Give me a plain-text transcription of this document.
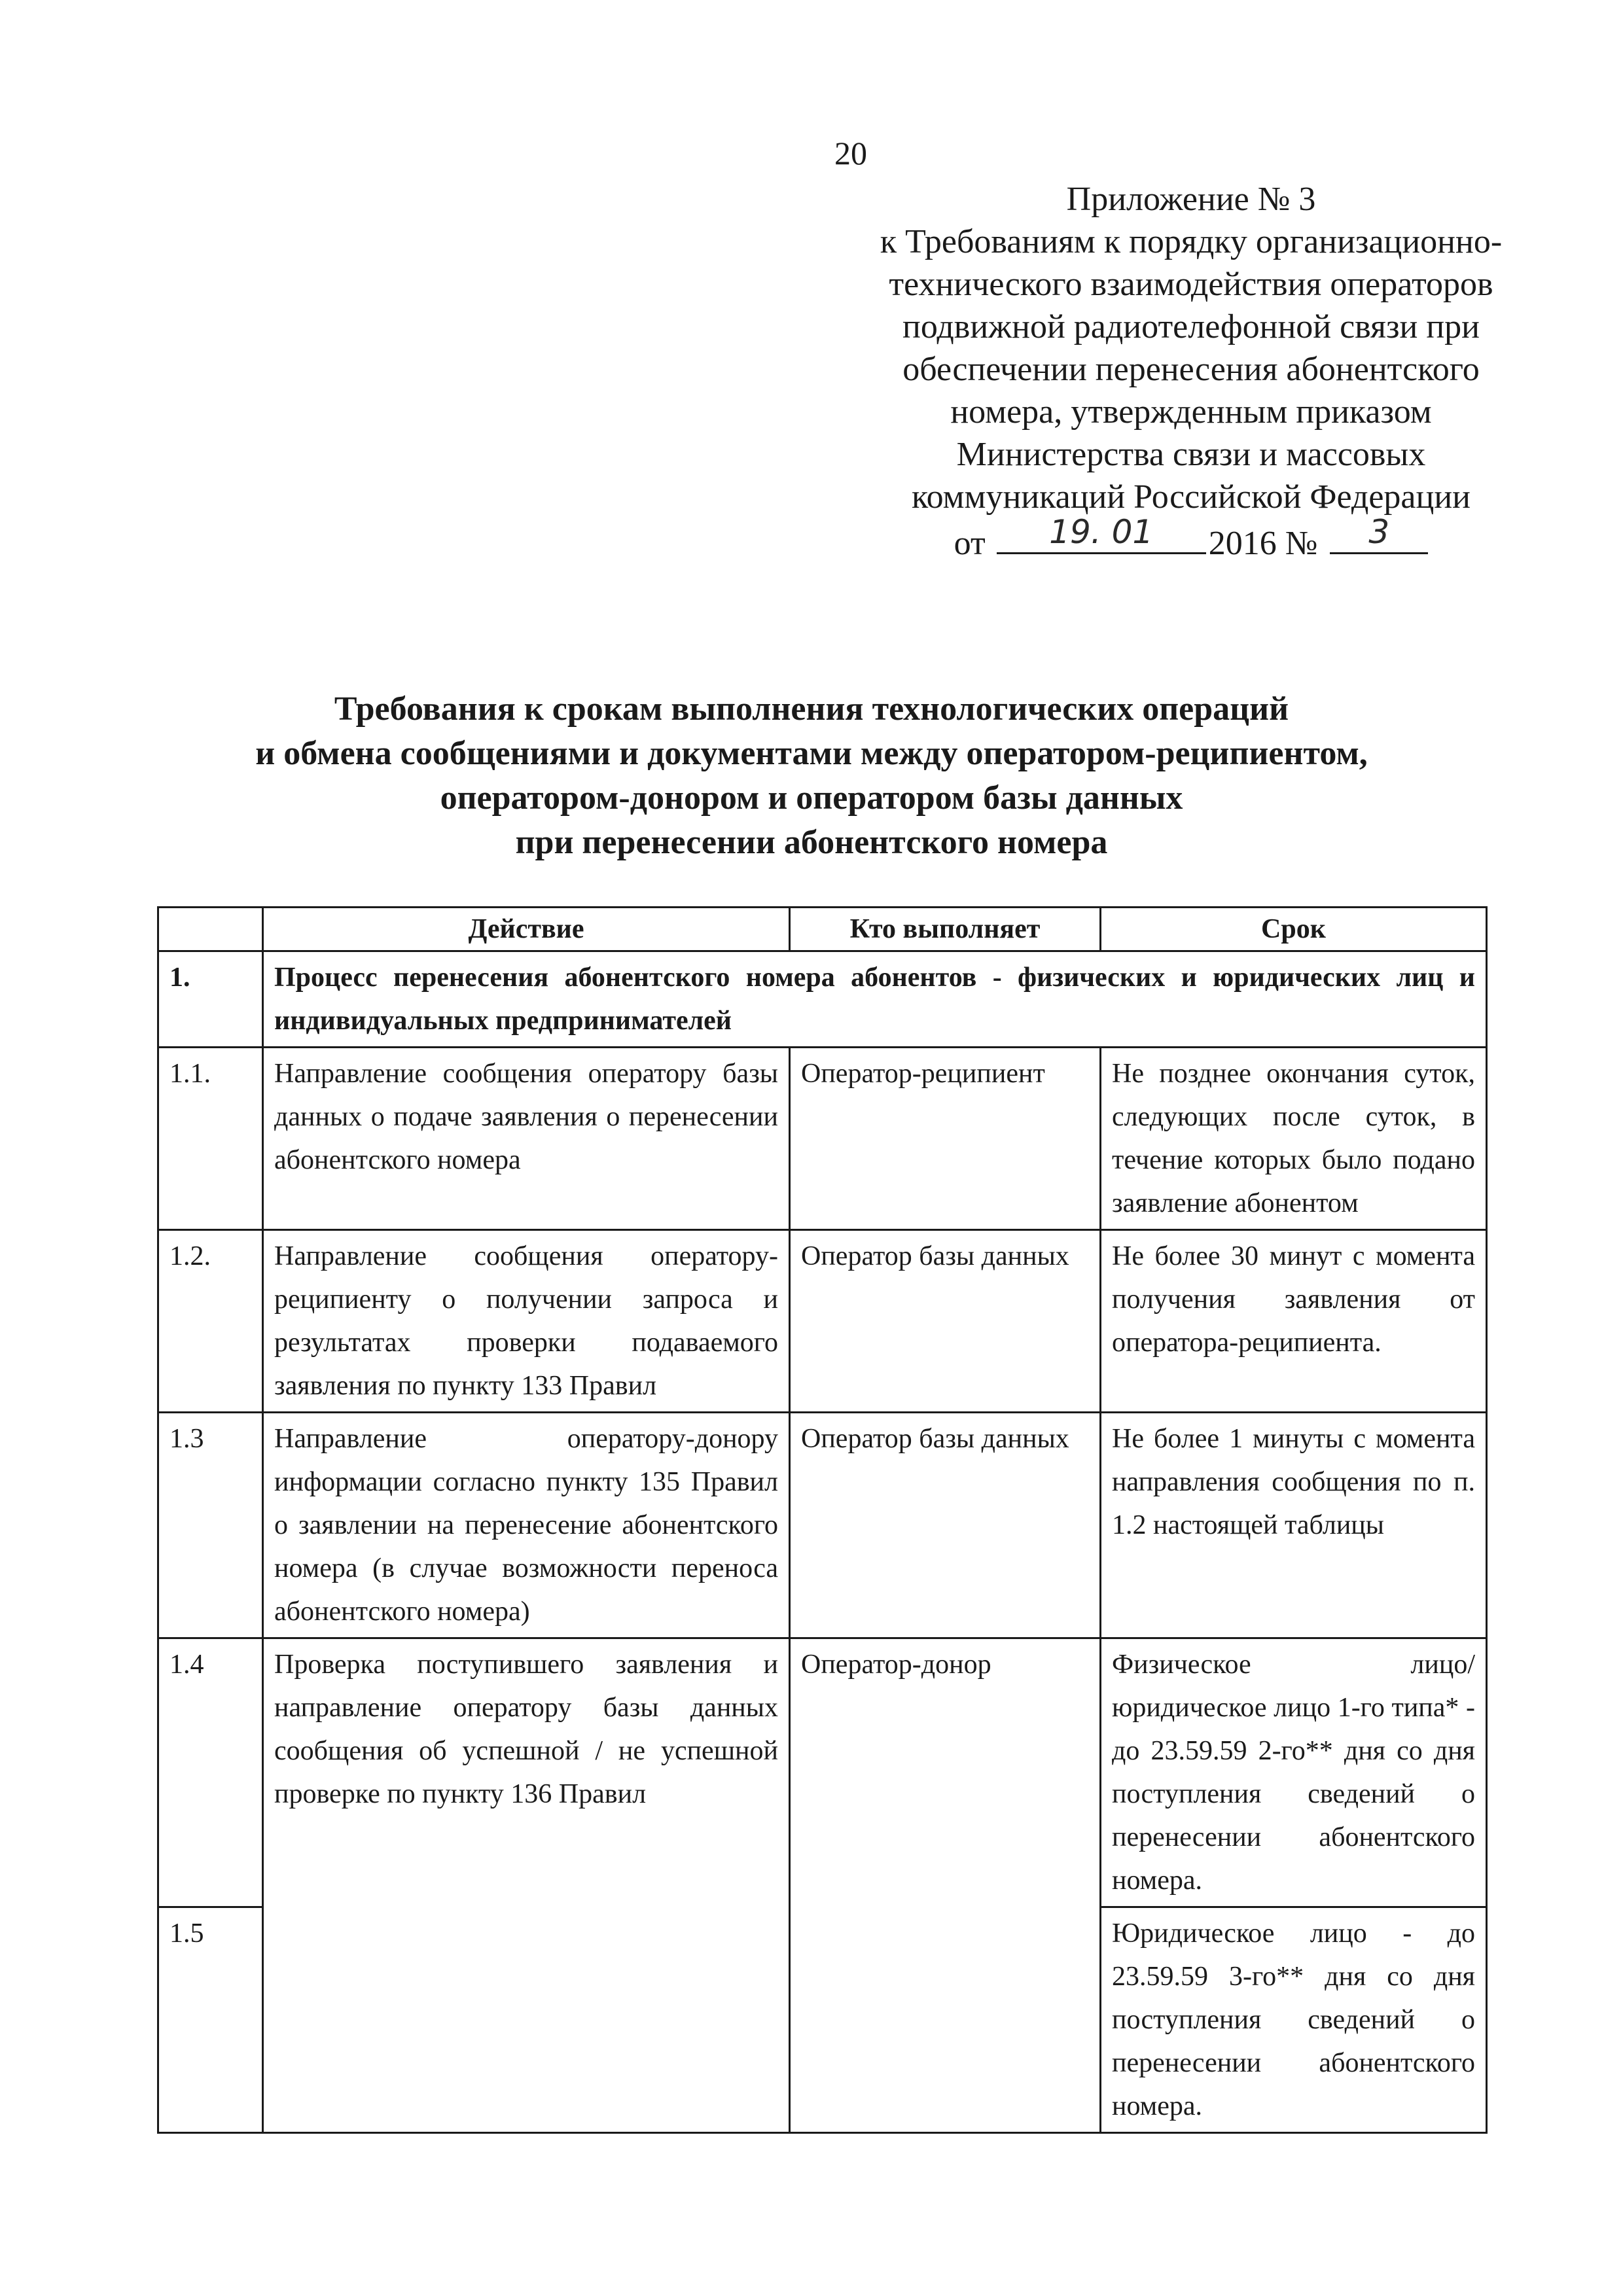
20
Приложение № 3
к Требованиям к порядку организационно-
технического взаимодействия операторов
подвижной радиотелефонной связи при
обеспечении перенесения абонентского
номера, утвержденным приказом
Министерства связи и массовых
коммуникаций Российской Федерации
от	19. 01	2016 №	3
Требования к срокам выполнения технологических операций
и обмена сообщениями и документами между оператором-реципиентом,
оператором-донором и оператором базы данных
при перенесении абонентского номера
	Действие	Кто выполняет	Срок
1.	Процесс перенесения абонентского номера абонентов - физических и юридических лиц и индивидуальных предпринимателей		
1.1.	Направление сообщения оператору базы данных о подаче заявления о перенесении абонентского номера	Оператор-реципиент	Не позднее окончания суток, следующих после суток, в течение которых было подано заявление абонентом
1.2.	Направление сообщения оператору-реципиенту о получении запроса и результатах проверки подаваемого заявления по пункту 133 Правил	Оператор базы данных	Не более 30 минут с момента получения заявления от оператора-реципиента.
1.3	Направление оператору-донору информации согласно пункту 135 Правил о заявлении на перенесение абонентского номера (в случае возможности переноса абонентского номера)	Оператор базы данных	Не более 1 минуты с момента направления сообщения по п. 1.2 настоящей таблицы
1.4	Проверка поступившего заявления и направление оператору базы данных сообщения об успешной / не успешной проверке по пункту 136 Правил	Оператор-донор	Физическое лицо/юридическое лицо 1-го типа* - до 23.59.59 2-го** дня со дня поступления сведений о перенесении абонентского номера.
1.5			Юридическое лицо - до 23.59.59 3-го** дня со дня поступления сведений о перенесении абонентского номера.
